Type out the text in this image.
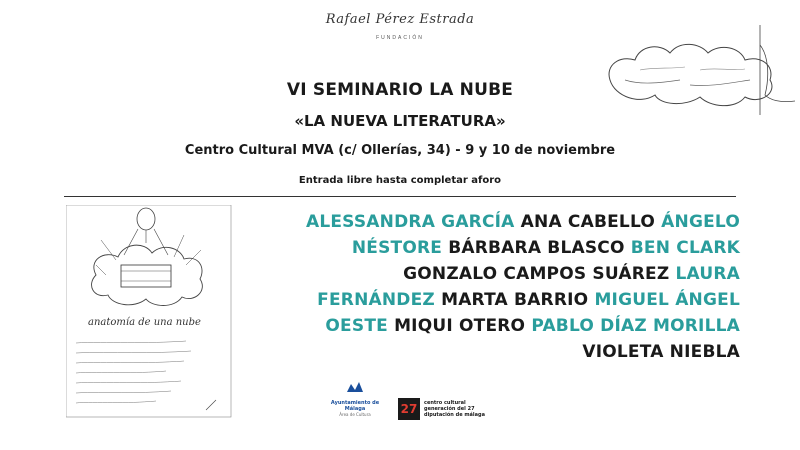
Rafael Pérez Estrada
FUNDACIÓN
VI SEMINARIO LA NUBE
«LA NUEVA LITERATURA»
Centro Cultural MVA (c/ Ollerías, 34) - 9 y 10 de noviembre
Entrada libre hasta completar aforo
anatomía de una nube
ALESSANDRA GARCÍA ANA CABELLO ÁNGELO NÉSTORE BÁRBARA BLASCO BEN CLARK GONZALO CAMPOS SUÁREZ LAURA FERNÁNDEZ MARTA BARRIO MIGUEL ÁNGEL OESTE MIQUI OTERO PABLO DÍAZ MORILLA VIOLETA NIEBLA
Ayuntamiento de Málaga
Área de Cultura	27	centro cultural
generación del 27
diputación de málaga
